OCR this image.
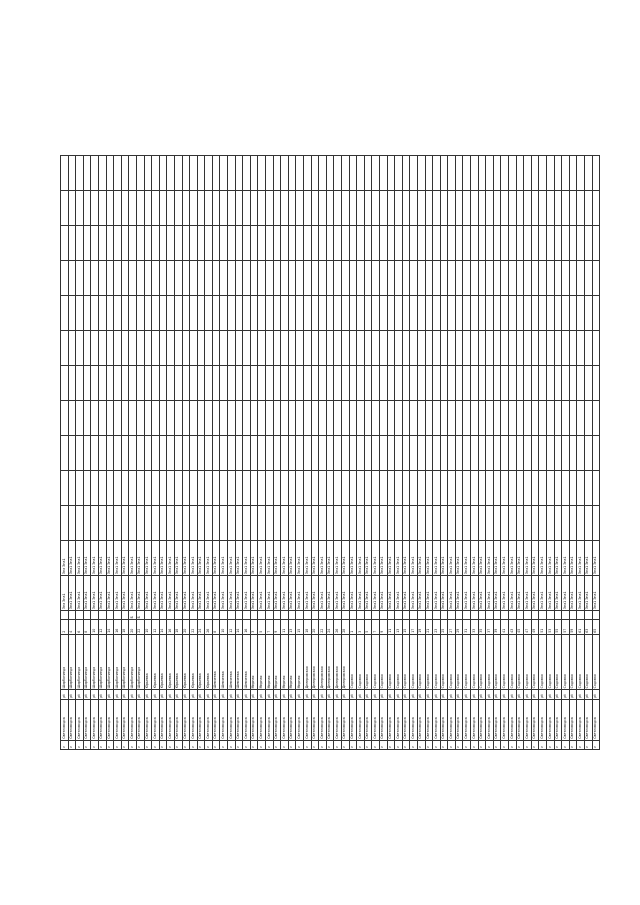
ν	Светловодск	ρt	Шарбатиеда	2		Эна Эна1	Эна Эна1											
ν	Светловодск	ρt	Шарбатиеда	4		Эна1 Эна1	Эна1 Эна1											
ν	Светловодск	ρt	Шарбатиеда	6		Эна1 Эна1	Эна1 Эна1											
ν	Светловодск	ρt	Шарбатиеда	8		Эна1 Эна1	Эна1 Эна1											
ν	Светловодск	ρt	Шарбатиеда	10		Эна1 Эна1	Эна1 Эна1											
ν	Светловодск	ρt	Шарбатиеда	12		Эна1 Эна1	Эна1 Эна1											
ν	Светловодск	ρt	Шарбатиеда	14		Эна1 Эна1	Эна1 Эна1											
ν	Светловодск	ρt	Шарбатиеда	16		Эна1 Эна1	Эна1 Эна1											
ν	Светловодск	ρt	Шарбатиеда	18		Эна1 Эна1	Эна1 Эна1											
ν	Светловодск	ρt	Шарбатиеда	20	Б	Эна1 Эна1	Эна1 Эна1											
ν	Светловодск	ρt	Шарбатиеда	22	Б	Эна1 Эна1	Эна1 Эна1											
ν	Светловодск	ρt	Юрьевка	10		Эна1 Эна1	Эна1 Эна1											
ν	Светловодск	ρt	Юрьевка	12		Эна1 Эна1	Эна1 Эна1											
ν	Светловодск	ρt	Юрьевка	14		Эна1 Эна1	Эна1 Эна1											
ν	Светловодск	ρt	Юрьевка	16		Эна1 Эна1	Эна1 Эна1											
ν	Светловодск	ρt	Юрьевка	18		Эна1 Эна1	Эна1 Эна1											
ν	Светловодск	ρt	Юрьевка	20		Эна1 Эна1	Эна1 Эна1											
ν	Светловодск	ρt	Юрьевка	22		Эна1 Эна1	Эна1 Эна1											
ν	Светловодск	ρt	Юрьевка	24		Эна1 Эна1	Эна1 Эна1											
ν	Светловодск	ρt	Юрьевка	26		Эна1 Эна1	Эна1 Эна1											
ν	Светловодск	ρt	Шевченка	8		Эна1 Эна1	Эна1 Эна1											
ν	Светловодск	ρt	Шевченка	10		Эна1 Эна1	Эна1 Эна1											
ν	Светловодск	ρt	Шевченка	12		Эна1 Эна1	Эна1 Эна1											
ν	Светловодск	ρt	Шевченка	14		Эна1 Эна1	Эна1 Эна1											
ν	Светловодск	ρt	Шевченка	16		Эна1 Эна1	Эна1 Эна1											
ν	Светловодск	ρt	Мирная	3		Эна1 Эна1	Эна1 Эна1											
ν	Светловодск	ρt	Мирная	5		Эна1 Эна1	Эна1 Эна1											
ν	Светловодск	ρt	Мирная	7		Эна1 Эна1	Эна1 Эна1											
ν	Светловодск	ρt	Мирная	9		Эна1 Эна1	Эна1 Эна1											
ν	Светловодск	ρt	Мирная	11		Эна1 Эна1	Эна1 Эна1											
ν	Светловодск	ρt	Мирная	13		Эна1 Эна1	Эна1 Эна1											
ν	Светловодск	ρt	Мирная	15		Эна1 Эна1	Эна1 Эна1											
ν	Светловодск	ρt	Днепровская	18		Эна1 Эна1	Эна1 Эна1											
ν	Светловодск	ρt	Днепровская	20		Эна1 Эна1	Эна1 Эна1											
ν	Светловодск	ρt	Днепровская	22		Эна1 Эна1	Эна1 Эна1											
ν	Светловодск	ρt	Днепровская	24		Эна1 Эна1	Эна1 Эна1											
ν	Светловодск	ρt	Днепровская	26		Эна1 Эна1	Эна1 Эна1											
ν	Светловодск	ρt	Днепровская	28		Эна1 Эна1	Эна1 Эна1											
ν	Светловодск	ρt	Садовая	1		Эна1 Эна1	Эна1 Эна1											
ν	Светловодск	ρt	Садовая	3		Эна1 Эна1	Эна1 Эна1											
ν	Светловодск	ρt	Садовая	5		Эна1 Эна1	Эна1 Эна1											
ν	Светловодск	ρt	Садовая	7		Эна1 Эна1	Эна1 Эна1											
ν	Светловодск	ρt	Садовая	9		Эна1 Эна1	Эна1 Эна1											
ν	Светловодск	ρt	Садовая	11		Эна1 Эна1	Эна1 Эна1											
ν	Светловодск	ρt	Садовая	13		Эна1 Эна1	Эна1 Эна1											
ν	Светловодск	ρt	Садовая	15		Эна1 Эна1	Эна1 Эна1											
ν	Светловодск	ρt	Садовая	17		Эна1 Эна1	Эна1 Эна1											
ν	Светловодск	ρt	Садовая	19		Эна1 Эна1	Эна1 Эна1											
ν	Светловодск	ρt	Садовая	21		Эна1 Эна1	Эна1 Эна1											
ν	Светловодск	ρt	Садовая	23		Эна1 Эна1	Эна1 Эна1											
ν	Светловодск	ρt	Садовая	25		Эна1 Эна1	Эна1 Эна1											
ν	Светловодск	ρt	Садовая	27		Эна1 Эна1	Эна1 Эна1											
ν	Светловодск	ρt	Садовая	29		Эна1 Эна1	Эна1 Эна1											
ν	Светловодск	ρt	Садовая	31		Эна1 Эна1	Эна1 Эна1											
ν	Светловодск	ρt	Садовая	33		Эна1 Эна1	Эна1 Эна1											
ν	Светловодск	ρt	Садовая	35		Эна1 Эна1	Эна1 Эна1											
ν	Светловодск	ρt	Садовая	37		Эна1 Эна1	Эна1 Эна1											
ν	Светловодск	ρt	Садовая	39		Эна1 Эна1	Эна1 Эна1											
ν	Светловодск	ρt	Садовая	41		Эна1 Эна1	Эна1 Эна1											
ν	Светловодск	ρt	Садовая	43		Эна1 Эна1	Эна1 Эна1											
ν	Светловодск	ρt	Садовая	45		Эна1 Эна1	Эна1 Эна1											
ν	Светловодск	ρt	Садовая	47		Эна1 Эна1	Эна1 Эна1											
ν	Светловодск	ρt	Садовая	49		Эна1 Эна1	Эна1 Эна1											
ν	Светловодск	ρt	Садовая	51		Эна1 Эна1	Эна1 Эна1											
ν	Светловодск	ρt	Садовая	53		Эна1 Эна1	Эна1 Эна1											
ν	Светловодск	ρt	Садовая	55		Эна1 Эна1	Эна1 Эна1											
ν	Светловодск	ρt	Садовая	57		Эна1 Эна1	Эна1 Эна1											
ν	Светловодск	ρt	Садовая	59		Эна1 Эна1	Эна1 Эна1											
ν	Светловодск	ρt	Садовая	61		Эна1 Эна1	Эна1 Эна1											
ν	Светловодск	ρt	Садовая	63		Эна1 Эна1	Эна1 Эна1											
ν	Светловодск	ρt	Садовая	65		Эна1 Эна1	Эна1 Эна1											
